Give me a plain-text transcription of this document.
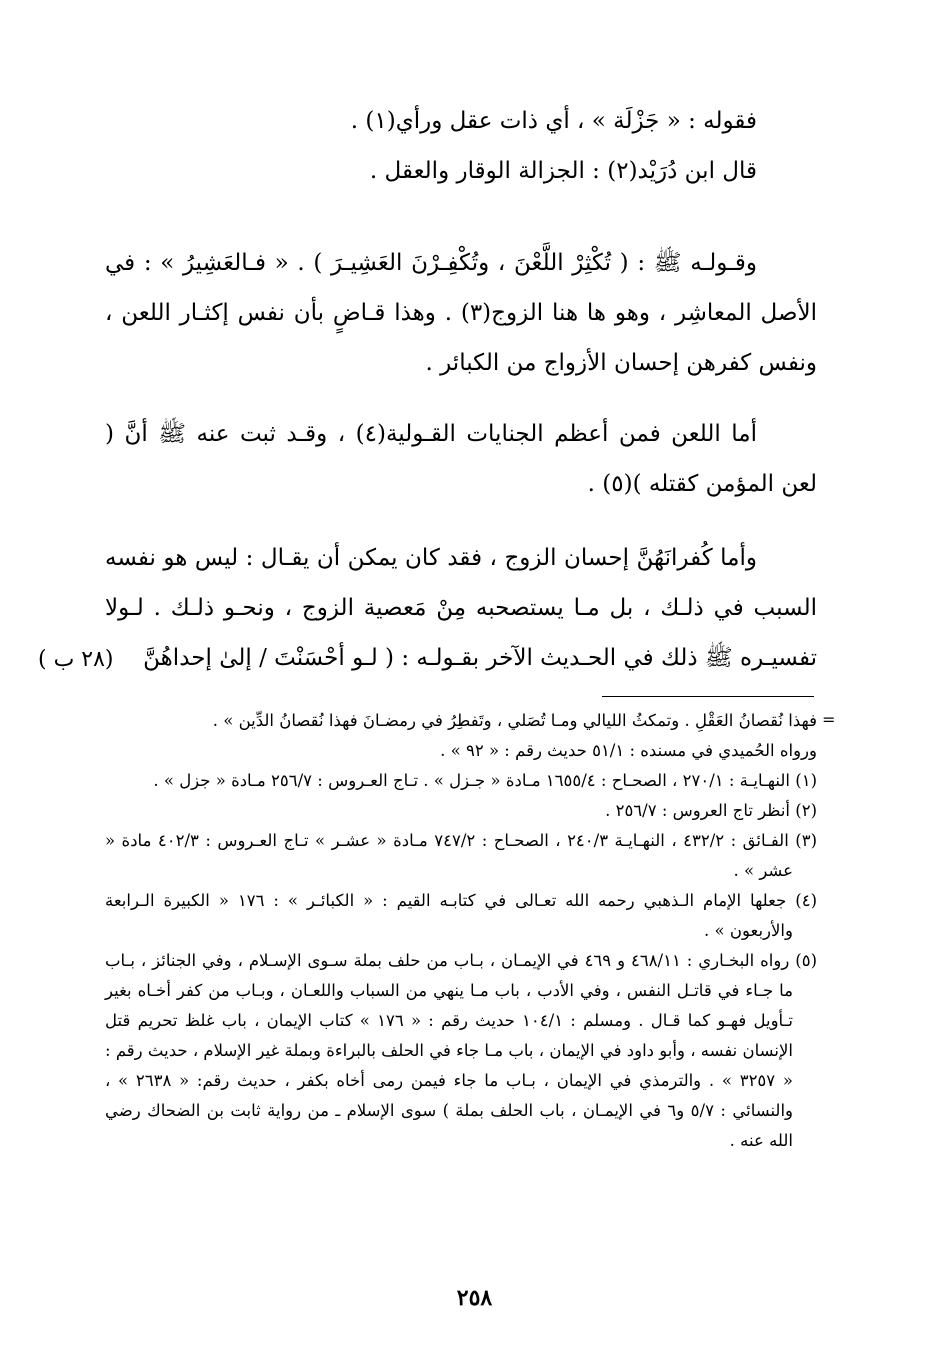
فقوله : « جَزْلَة » ، أي ذات عقل ورأي(١) .

قال ابن دُرَيْد(٢) : الجزالة الوقار والعقل .

وقـولـه ﷺ : ( تُكْثِرْ اللَّعْنَ ، وتُكْفِـرْنَ العَشِيـرَ ) . « فـالعَشِيرُ » : في الأصل المعاشِر ، وهو ها هنا الزوج(٣) . وهذا قـاضٍ بأن نفس إكثـار اللعن ، ونفس كفرهن إحسان الأزواج من الكبائر .

أما اللعن فمن أعظم الجنايات القـولية(٤) ، وقـد ثبت عنه ﷺ أنَّ ( لعن المؤمن كقتله )(٥) .

وأما كُفرانَهُنَّ إحسان الزوج ، فقد كان يمكن أن يقـال : ليس هو نفسه السبب في ذلـك ، بل مـا يستصحبه مِنْ مَعصية الزوج ، ونحـو ذلـك . لـولا تفسيـره ﷺ ذلك في الحـديث الآخر بقـولـه : ( لـو أحْسَنْتَ / إلىٰ إحداهُنَّ

(٢٨ ب )
=

فهذا نُقصانُ العَقْلِ . وتمكثُ الليالي ومـا تُصَلي ، وتَفطِرُ في رمضـانَ فهذا نُقصانُ الدِّين » .

ورواه الحُميدي في مسنده : ٥١/١ حديث رقم : « ٩٢ » .

(١) النهـايـة : ٢٧٠/١ ، الصحـاح : ١٦٥٥/٤ مـادة « جـزل » . تـاج العـروس : ٢٥٦/٧ مـادة « جزل » .

(٢) أنظر تاج العروس : ٢٥٦/٧ .

(٣) الفـائق : ٤٣٢/٢ ، النهـايـة ٢٤٠/٣ ، الصحـاح : ٧٤٧/٢ مـادة « عشـر » تـاج العـروس : ٤٠٢/٣ مادة « عشر » .

(٤) جعلها الإمام الـذهبي رحمه الله تعـالى في كتابـه القيم : « الكبائـر » : ١٧٦ « الكبيرة الـرابعة والأربعون » .

(٥) رواه البخـاري : ٤٦٨/١١ و ٤٦٩ في الإيمـان ، بـاب من حلف بملة سـوى الإسـلام ، وفي الجنائز ، بـاب ما جـاء في قاتـل النفس ، وفي الأدب ، باب مـا ينهي من السباب واللعـان ، وبـاب من كفر أخـاه بغير تـأويل فهـو كما قـال . ومسلم : ١٠٤/١ حديث رقم : « ١٧٦ » كتاب الإيمان ، باب غلظ تحريم قتل الإنسان نفسه ، وأبو داود في الإيمان ، باب مـا جاء في الحلف بالبراءة وبملة غير الإسلام ، حديث رقم : « ٣٢٥٧ » . والترمذي في الإيمان ، بـاب ما جاء فيمن رمى أخاه بكفر ، حديث رقم: « ٢٦٣٨ » ، والنسائي : ٥/٧ و٦ في الإيمـان ، باب الحلف بملة ) سوى الإسلام ـ من رواية ثابت بن الضحاك رضي الله عنه .

٢٥٨
